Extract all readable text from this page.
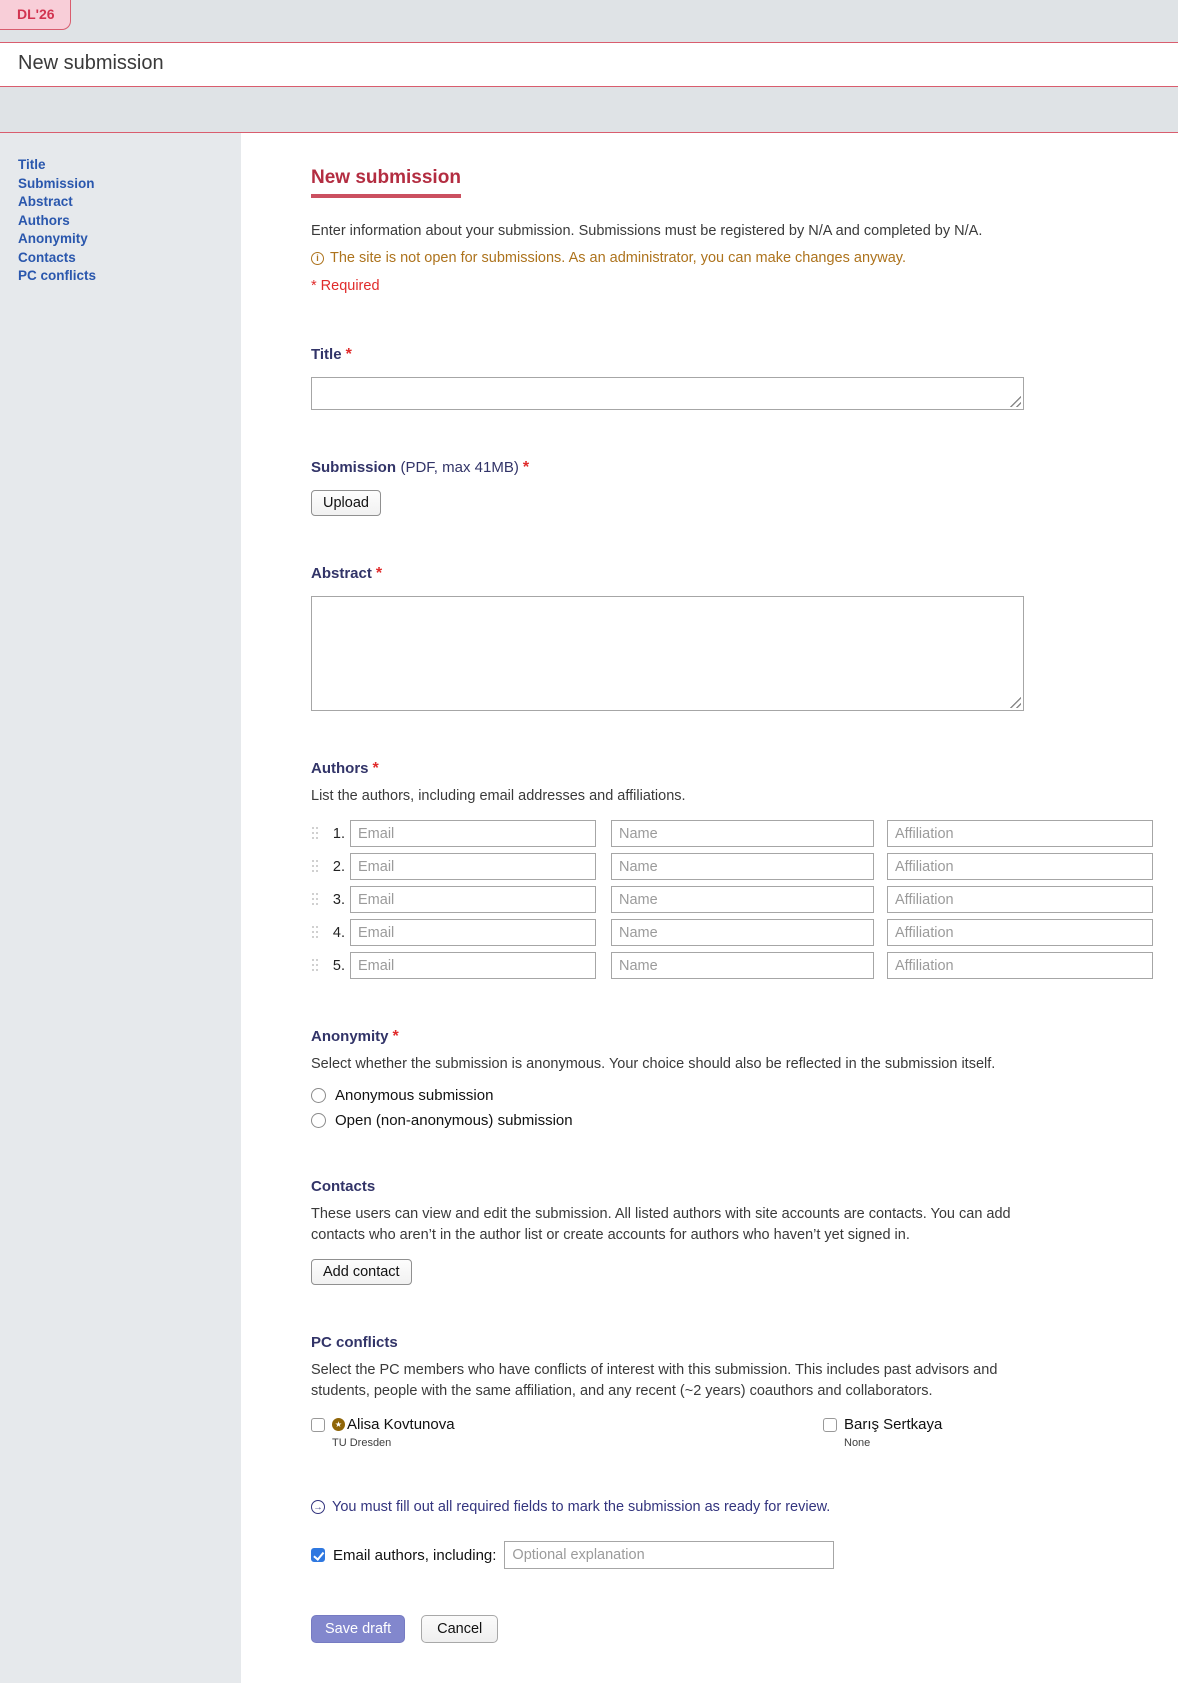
DL'26
New submission
Title
Submission
Abstract
Authors
Anonymity
Contacts
PC conflicts
New submission

Enter information about your submission. Submissions must be registered by N/A and completed by N/A.

i
The site is not open for submissions. As an administrator, you can make changes anyway.

* Required

Title *
Submission (PDF, max 41MB) *
Upload
Abstract *
Authors *

List the authors, including email addresses and affiliations.

1.
Email
Name
Affiliation
2.
Email
Name
Affiliation
3.
Email
Name
Affiliation
4.
Email
Name
Affiliation
5.
Email
Name
Affiliation
Anonymity *

Select whether the submission is anonymous. Your choice should also be reflected in the submission itself.

Anonymous submission
Open (non-anonymous) submission
Contacts

These users can view and edit the submission. All listed authors with site accounts are contacts. You can add contacts who aren’t in the author list or create accounts for authors who haven’t yet signed in.

Add contact
PC conflicts

Select the PC members who have conflicts of interest with this submission. This includes past advisors and students, people with the same affiliation, and any recent (~2 years) coauthors and collaborators.

★
Alisa Kovtunova
TU Dresden
Barış Sertkaya
None
→
You must fill out all required fields to mark the submission as ready for review.
Email authors, including:
Optional explanation
Save draft	Cancel
